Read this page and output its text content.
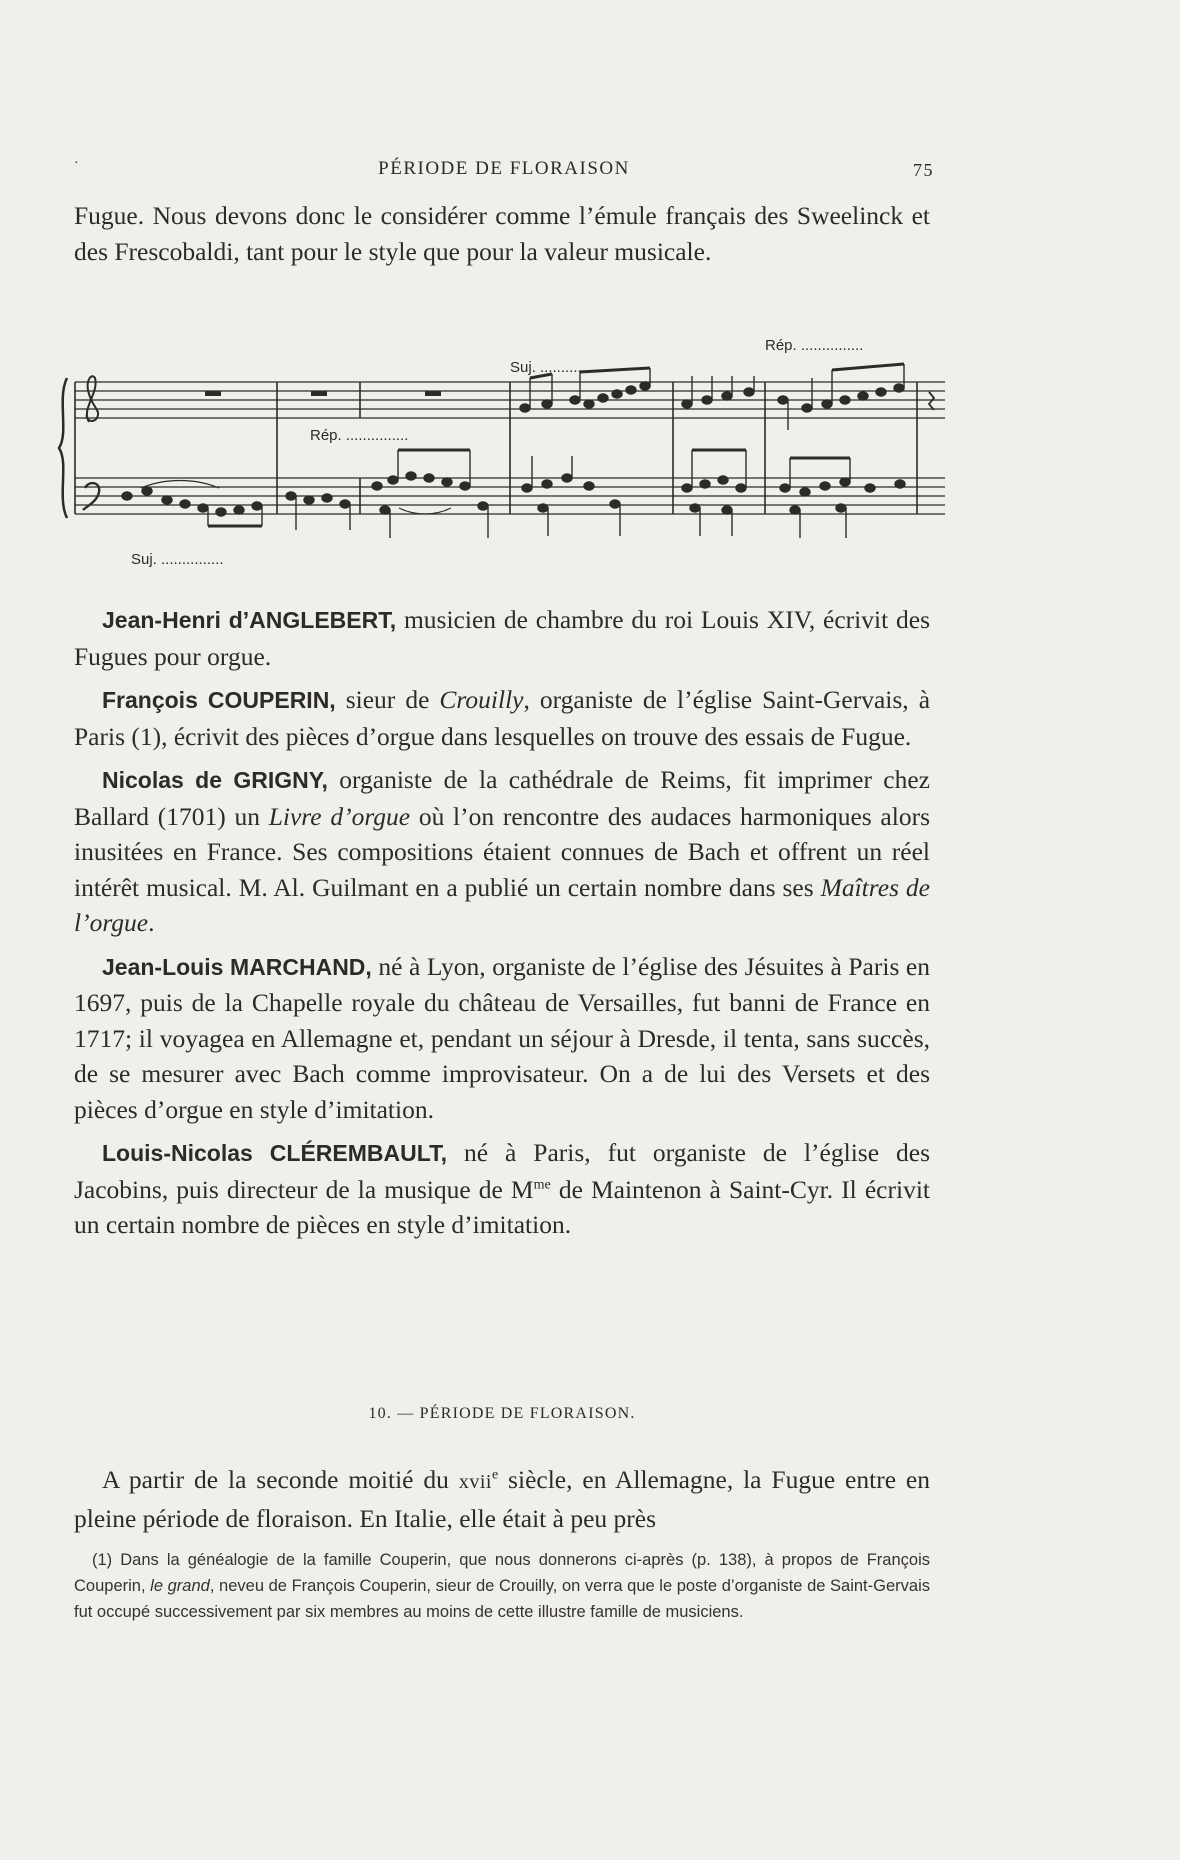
·	PÉRIODE DE FLORAISON	75

Fugue. Nous devons donc le considérer comme l’émule français des Sweelinck et des Frescobaldi, tant pour le style que pour la valeur musicale.

Rép. ...............
Suj. ...............
Rép. ...............
Suj. ...............

Jean-Henri d’ANGLEBERT, musicien de chambre du roi Louis XIV, écrivit des Fugues pour orgue.

François COUPERIN, sieur de Crouilly, organiste de l’église Saint-Gervais, à Paris (1), écrivit des pièces d’orgue dans lesquelles on trouve des essais de Fugue.

Nicolas de GRIGNY, organiste de la cathédrale de Reims, fit imprimer chez Ballard (1701) un Livre d’orgue où l’on rencontre des audaces harmoniques alors inusitées en France. Ses compositions étaient connues de Bach et offrent un réel intérêt musical. M. Al. Guilmant en a publié un certain nombre dans ses Maîtres de l’orgue.

Jean-Louis MARCHAND, né à Lyon, organiste de l’église des Jésuites à Paris en 1697, puis de la Chapelle royale du château de Versailles, fut banni de France en 1717; il voyagea en Allemagne et, pendant un séjour à Dresde, il tenta, sans succès, de se mesurer avec Bach comme improvisateur. On a de lui des Versets et des pièces d’orgue en style d’imitation.

Louis-Nicolas CLÉREMBAULT, né à Paris, fut organiste de l’église des Jacobins, puis directeur de la musique de $M^{me}$ de Maintenon à Saint-Cyr. Il écrivit un certain nombre de pièces en style d’imitation.

10. — PÉRIODE DE FLORAISON.

A partir de la seconde moitié du xvii$^e$ siècle, en Allemagne, la Fugue entre en pleine période de floraison. En Italie, elle était à peu près

(1) Dans la généalogie de la famille Couperin, que nous donnerons ci-après (p. 138), à propos de François Couperin, le grand, neveu de François Couperin, sieur de Crouilly, on verra que le poste d’organiste de Saint-Gervais fut occupé successivement par six membres au moins de cette illustre famille de musiciens.
